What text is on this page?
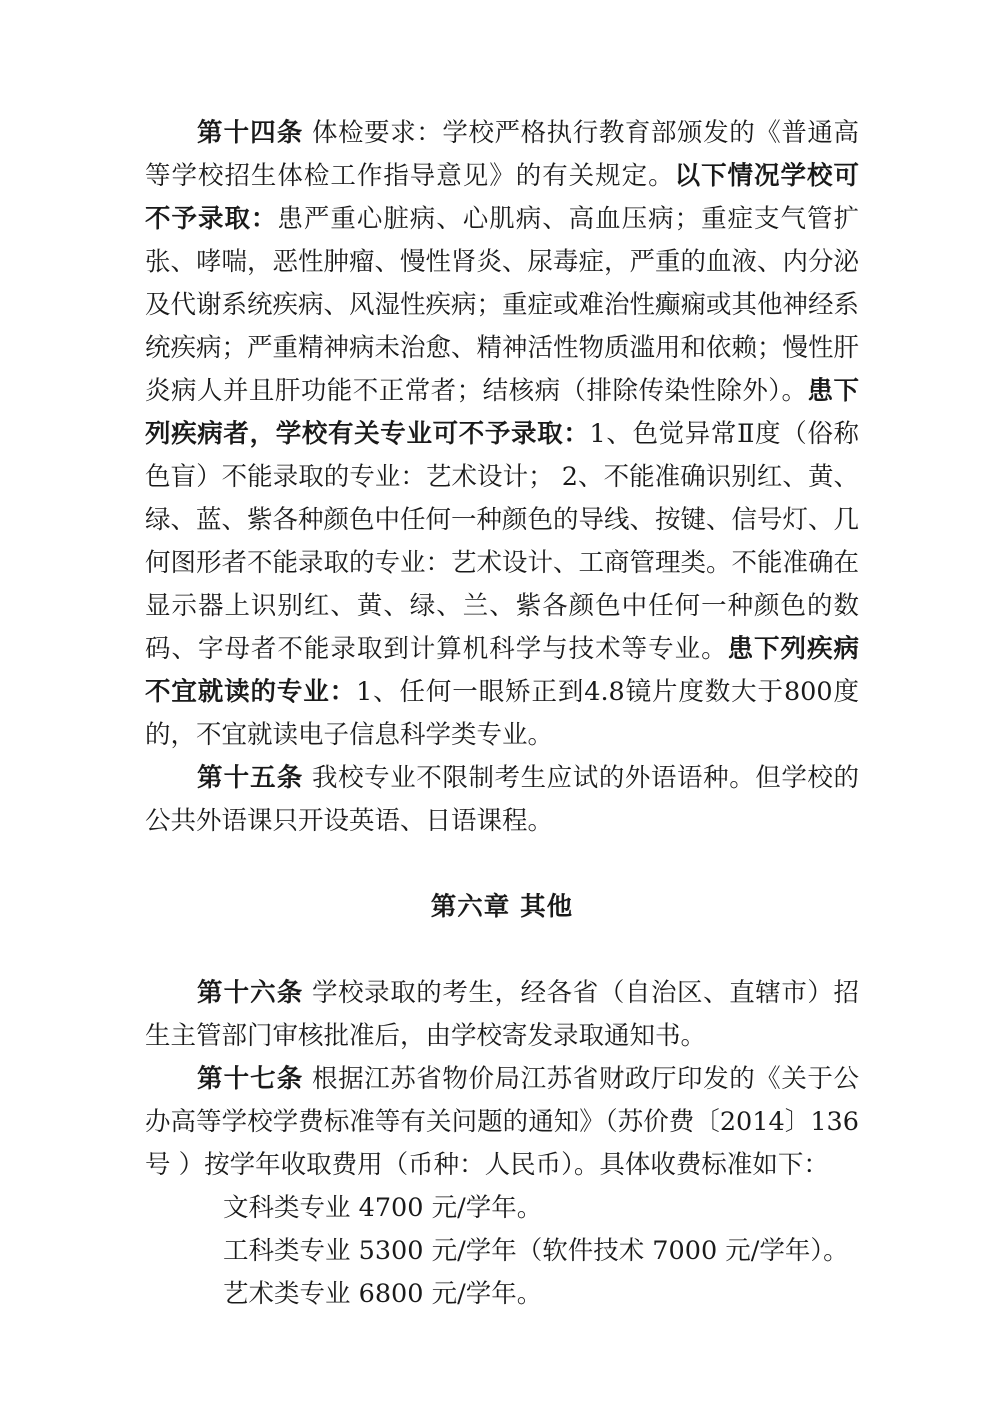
第十四条 体检要求：学校严格执行教育部颁发的《普通高等学校招生体检工作指导意见》的有关规定。以下情况学校可不予录取：患严重心脏病、心肌病、高血压病；重症支气管扩张、哮喘，恶性肿瘤、慢性肾炎、尿毒症，严重的血液、内分泌及代谢系统疾病、风湿性疾病；重症或难治性癫痫或其他神经系统疾病；严重精神病未治愈、精神活性物质滥用和依赖；慢性肝炎病人并且肝功能不正常者；结核病（排除传染性除外）。患下列疾病者，学校有关专业可不予录取：1、色觉异常Ⅱ度（俗称色盲）不能录取的专业：艺术设计； 2、不能准确识别红、黄、绿、蓝、紫各种颜色中任何一种颜色的导线、按键、信号灯、几何图形者不能录取的专业：艺术设计、工商管理类。不能准确在显示器上识别红、黄、绿、兰、紫各颜色中任何一种颜色的数码、字母者不能录取到计算机科学与技术等专业。患下列疾病不宜就读的专业：1、任何一眼矫正到4.8镜片度数大于800度的，不宜就读电子信息科学类专业。

第十五条 我校专业不限制考生应试的外语语种。但学校的公共外语课只开设英语、日语课程。

第六章 其他

第十六条 学校录取的考生，经各省（自治区、直辖市）招生主管部门审核批准后，由学校寄发录取通知书。

第十七条 根据江苏省物价局江苏省财政厅印发的《关于公办高等学校学费标准等有关问题的通知》（苏价费〔2014〕136号 ）按学年收取费用（币种：人民币）。具体收费标准如下：

文科类专业 4700 元/学年。

工科类专业 5300 元/学年（软件技术 7000 元/学年）。

艺术类专业 6800 元/学年。
